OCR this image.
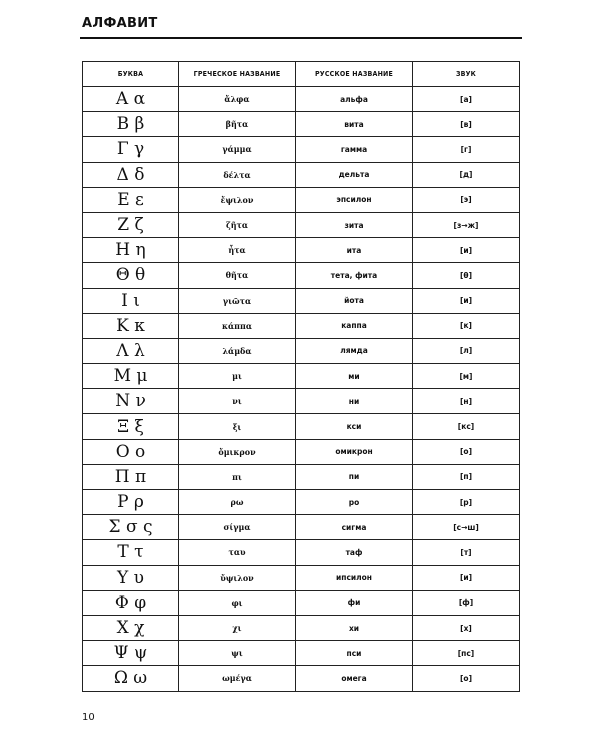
АЛФАВИТ
БУКВА	ГРЕЧЕСКОЕ НАЗВАНИЕ	РУССКОЕ НАЗВАНИЕ	ЗВУК
Α α	ἄλφα	альфа	[а]
Β β	βῆτα	вита	[в]
Γ γ	γάμμα	гамма	[г]
Δ δ	δέλτα	дельта	[д]
Ε ε	ἔψιλον	эпсилон	[э]
Ζ ζ	ζῆτα	зита	[з→ж]
Η η	ἦτα	ита	[и]
Θ θ	θῆτα	тета, фита	[θ]
Ι ι	γιῶτα	йота	[и]
Κ κ	κάππα	каппа	[к]
Λ λ	λάμδα	лямда	[л]
Μ μ	μι	ми	[м]
Ν ν	νι	ни	[н]
Ξ ξ	ξι	кси	[кс]
Ο ο	ὄμικρον	омикрон	[о]
Π π	πι	пи	[п]
Ρ ρ	ρω	ро	[р]
Σ σ ς	σίγμα	сигма	[с→ш]
Τ τ	ταυ	таф	[т]
Υ υ	ὔψιλον	ипсилон	[и]
Φ φ	φι	фи	[ф]
Χ χ	χι	хи	[х]
Ψ ψ	ψι	пси	[пс]
Ω ω	ωμέγα	омега	[о]
10
